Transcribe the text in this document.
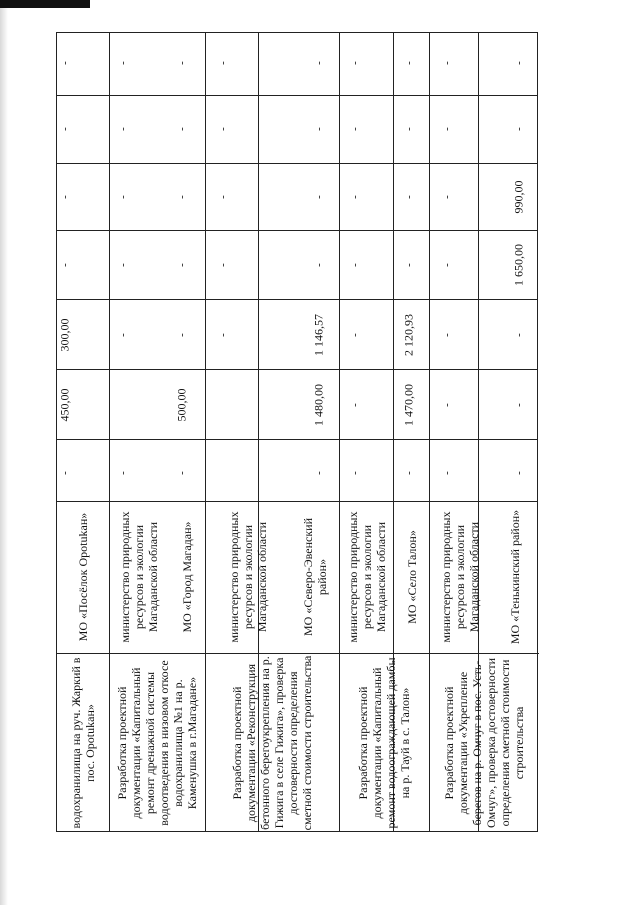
водохранилища на руч. Жаркий в пос. Орotukан»
МО «Посёлок Ороtukан»
Разработка проектной документации «Капитальный ремонт дренажной системы водоотведения в низовом откосе водохранилища №1 на р. Каменушка в г.Магадане»
министерство природных ресурсов и экологии Магаданской области МО «Город Магадан»
Разработка проектной документации «Реконструкция бетонного берегоукрепления на р. Гижига в селе Гижига», проверка достоверности определения сметной стоимости строительства
министерство природных ресурсов и экологии Магаданской области	МО «Северо-Эвенский район»
Разработка проектной документации «Капитальный ремонт водоограждающей дамбы на р. Тауй в с. Талон»
министерство природных ресурсов и экологии Магаданской области МО «Село Талон»
Разработка проектной документации «Укрепление берегов на р. Омчуг в пос. Усть-Омчуг», проверка достоверности определения сметной стоимости строительства
министерство природных ресурсов и экологии Магаданской области МО «Тенькинский район»
-
450,00
300,00
-
-
-
-
-
-
-
-
-
-
-
500,00
-
-
-
-
-
-
-
-
-
-
-
1 480,00
1 146,57
-
-
-
-
-
-
-
-
-
-
-
-
1 470,00
2 120,93
-
-
-
-
-
-
-
-
-
-
-
-
-
-
1 650,00
990,00
-
-
